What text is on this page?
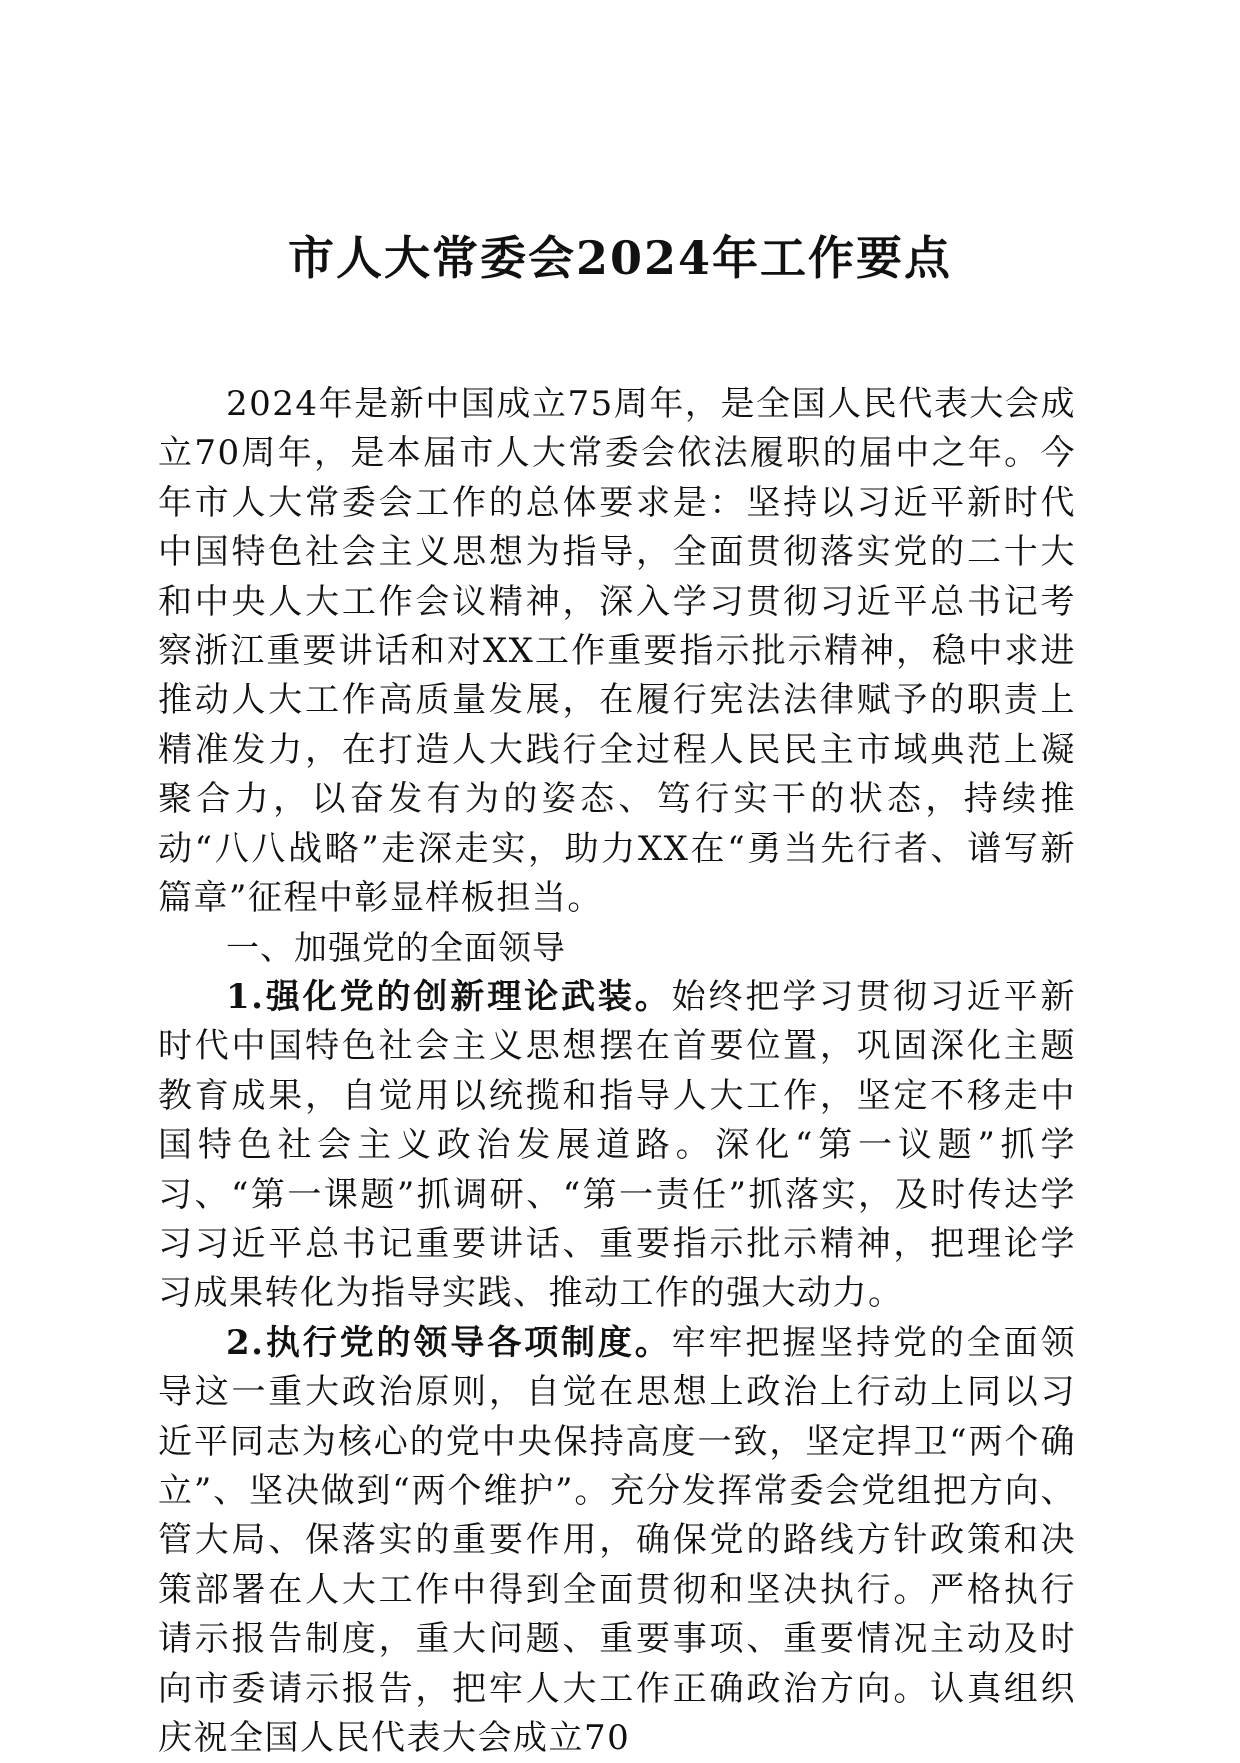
市人大常委会2024年工作要点

2024年是新中国成立75周年，是全国人民代表大会成立70周年，是本届市人大常委会依法履职的届中之年。今年市人大常委会工作的总体要求是：坚持以习近平新时代中国特色社会主义思想为指导，全面贯彻落实党的二十大和中央人大工作会议精神，深入学习贯彻习近平总书记考察浙江重要讲话和对XX工作重要指示批示精神，稳中求进推动人大工作高质量发展，在履行宪法法律赋予的职责上精准发力，在打造人大践行全过程人民民主市域典范上凝聚合力，以奋发有为的姿态、笃行实干的状态，持续推动“八八战略”走深走实，助力XX在“勇当先行者、谱写新篇章”征程中彰显样板担当。

一、加强党的全面领导

1.强化党的创新理论武装。始终把学习贯彻习近平新时代中国特色社会主义思想摆在首要位置，巩固深化主题教育成果，自觉用以统揽和指导人大工作，坚定不移走中国特色社会主义政治发展道路。深化“第一议题”抓学习、“第一课题”抓调研、“第一责任”抓落实，及时传达学习习近平总书记重要讲话、重要指示批示精神，把理论学习成果转化为指导实践、推动工作的强大动力。

2.执行党的领导各项制度。牢牢把握坚持党的全面领导这一重大政治原则，自觉在思想上政治上行动上同以习近平同志为核心的党中央保持高度一致，坚定捍卫“两个确立”、坚决做到“两个维护”。充分发挥常委会党组把方向、管大局、保落实的重要作用，确保党的路线方针政策和决策部署在人大工作中得到全面贯彻和坚决执行。严格执行请示报告制度，重大问题、重要事项、重要情况主动及时向市委请示报告，把牢人大工作正确政治方向。认真组织庆祝全国人民代表大会成立70
